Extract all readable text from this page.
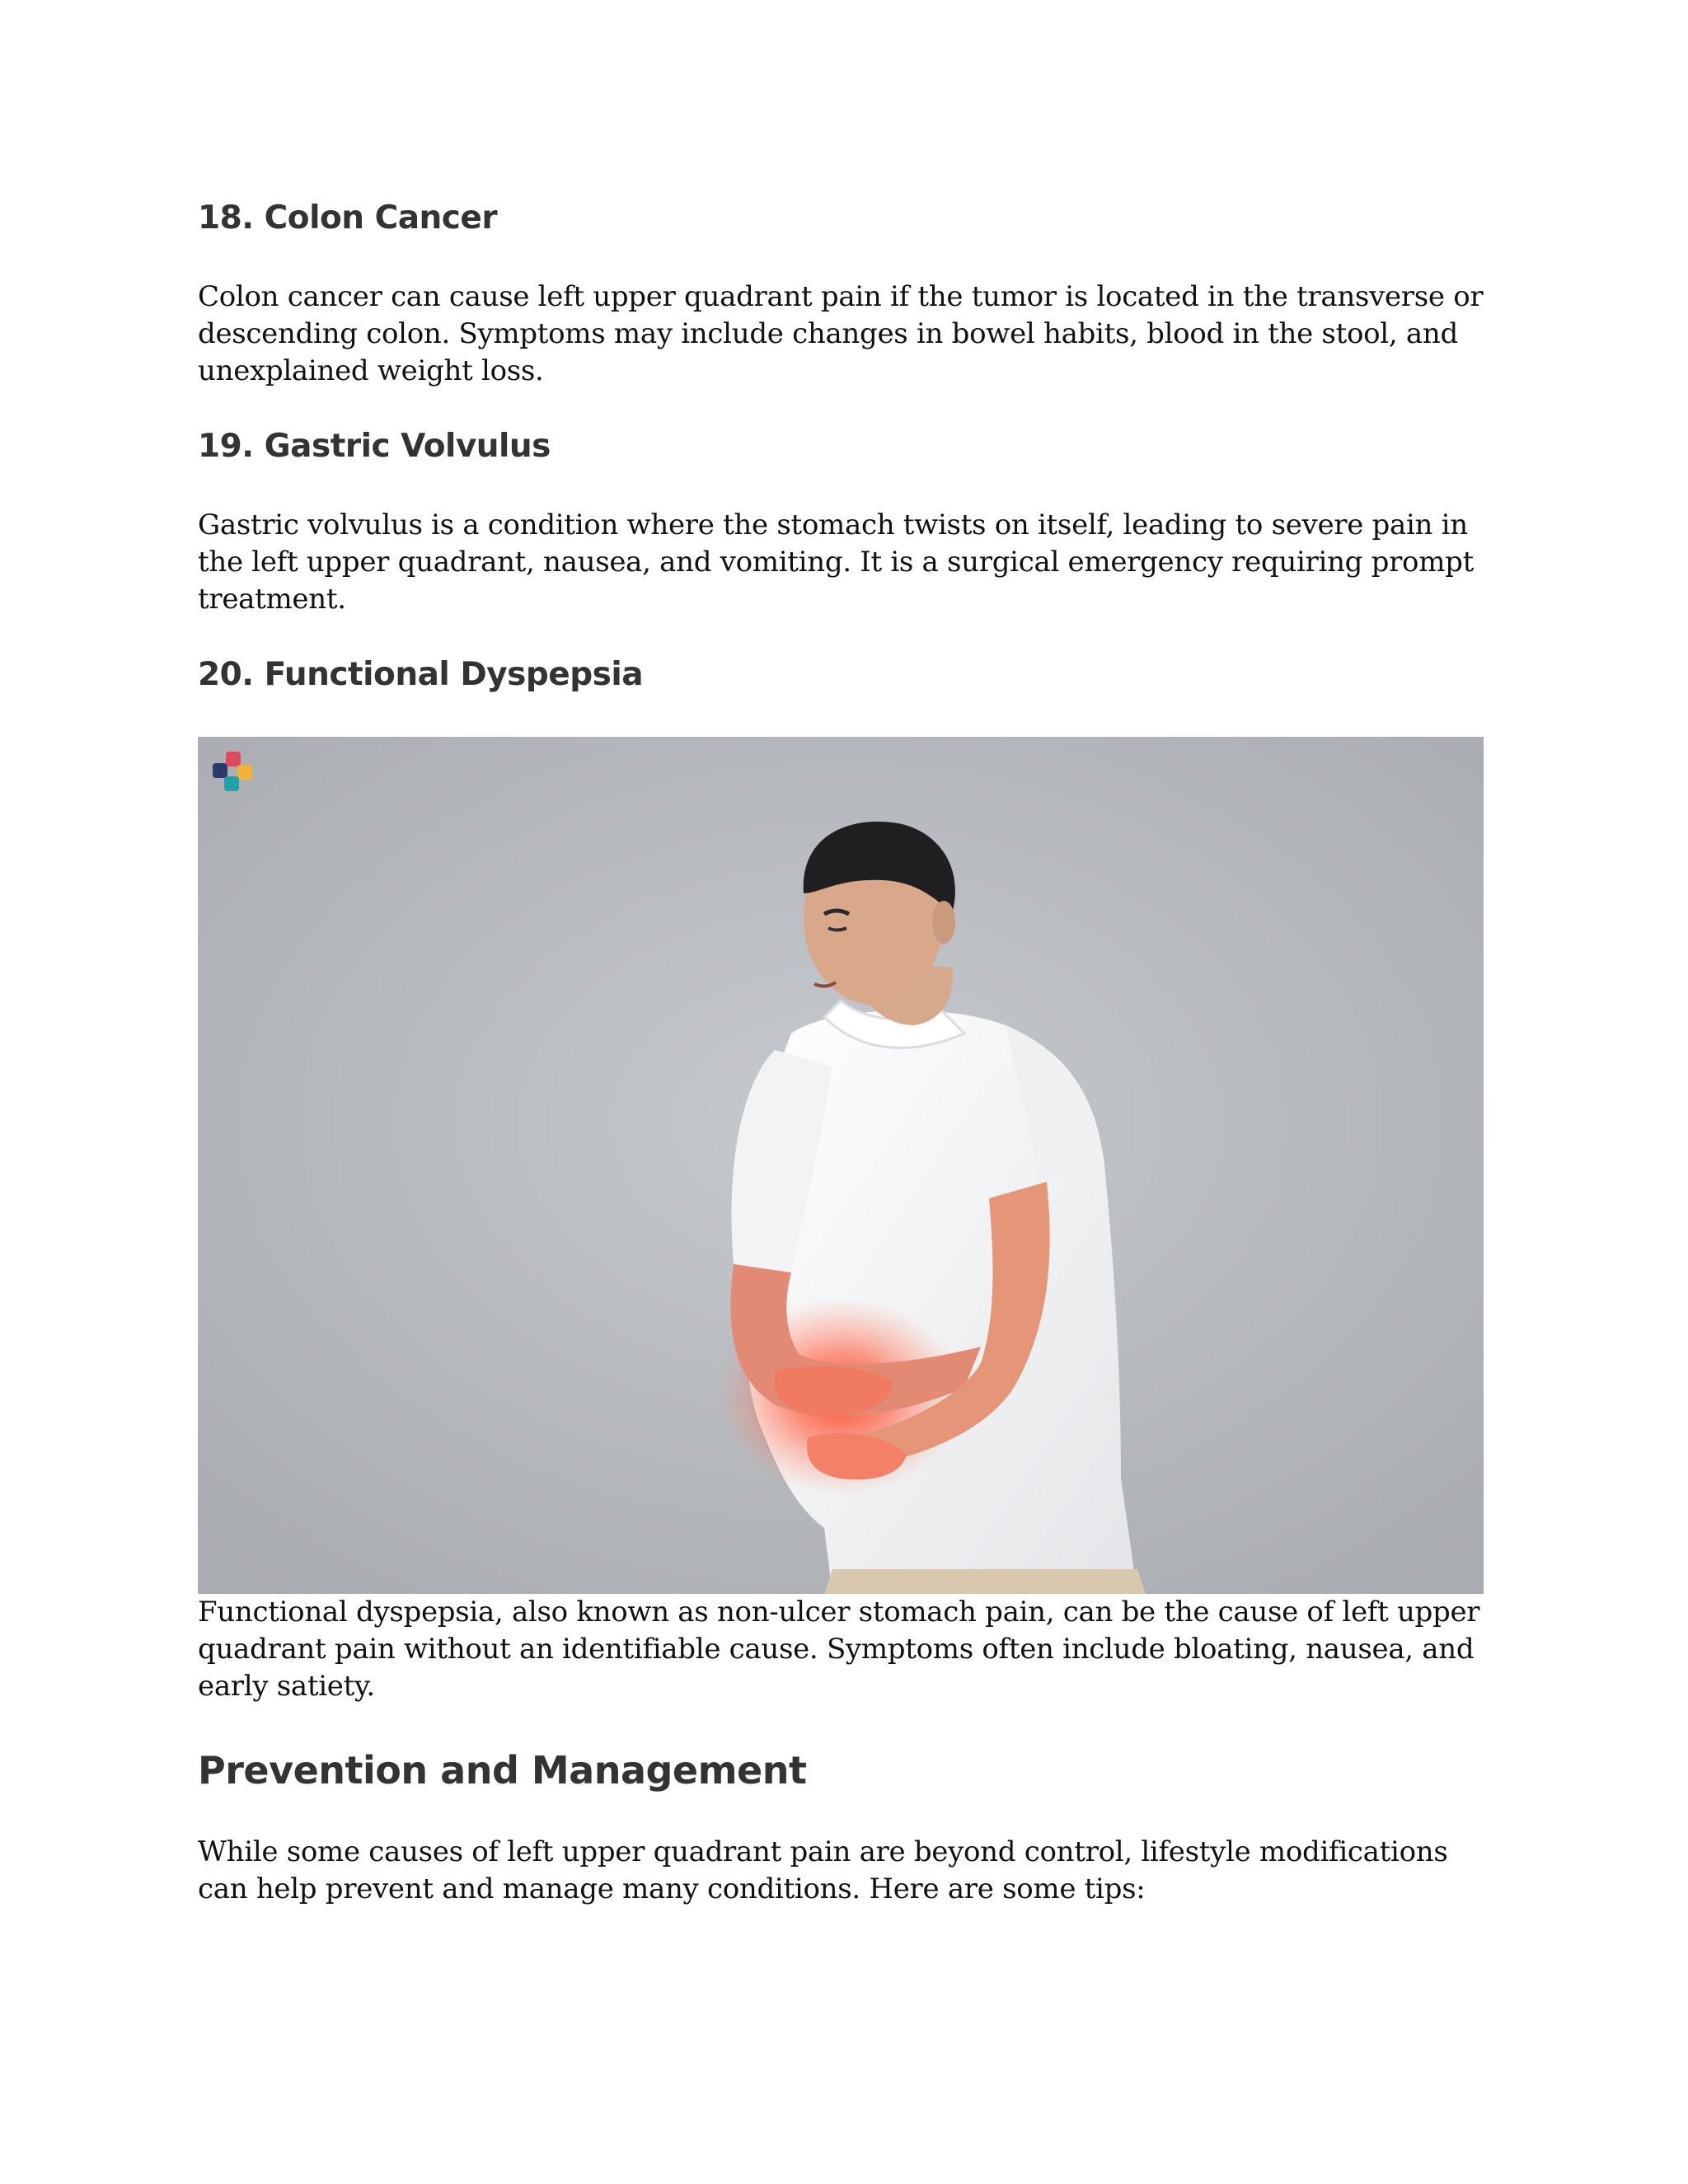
18. Colon Cancer

Colon cancer can cause left upper quadrant pain if the tumor is located in the transverse or descending colon. Symptoms may include changes in bowel habits, blood in the stool, and unexplained weight loss.

19. Gastric Volvulus

Gastric volvulus is a condition where the stomach twists on itself, leading to severe pain in the left upper quadrant, nausea, and vomiting. It is a surgical emergency requiring prompt treatment.

20. Functional Dyspepsia

Functional dyspepsia, also known as non-ulcer stomach pain, can be the cause of left upper quadrant pain without an identifiable cause. Symptoms often include bloating, nausea, and early satiety.

Prevention and Management

While some causes of left upper quadrant pain are beyond control, lifestyle modifications can help prevent and manage many conditions. Here are some tips:
